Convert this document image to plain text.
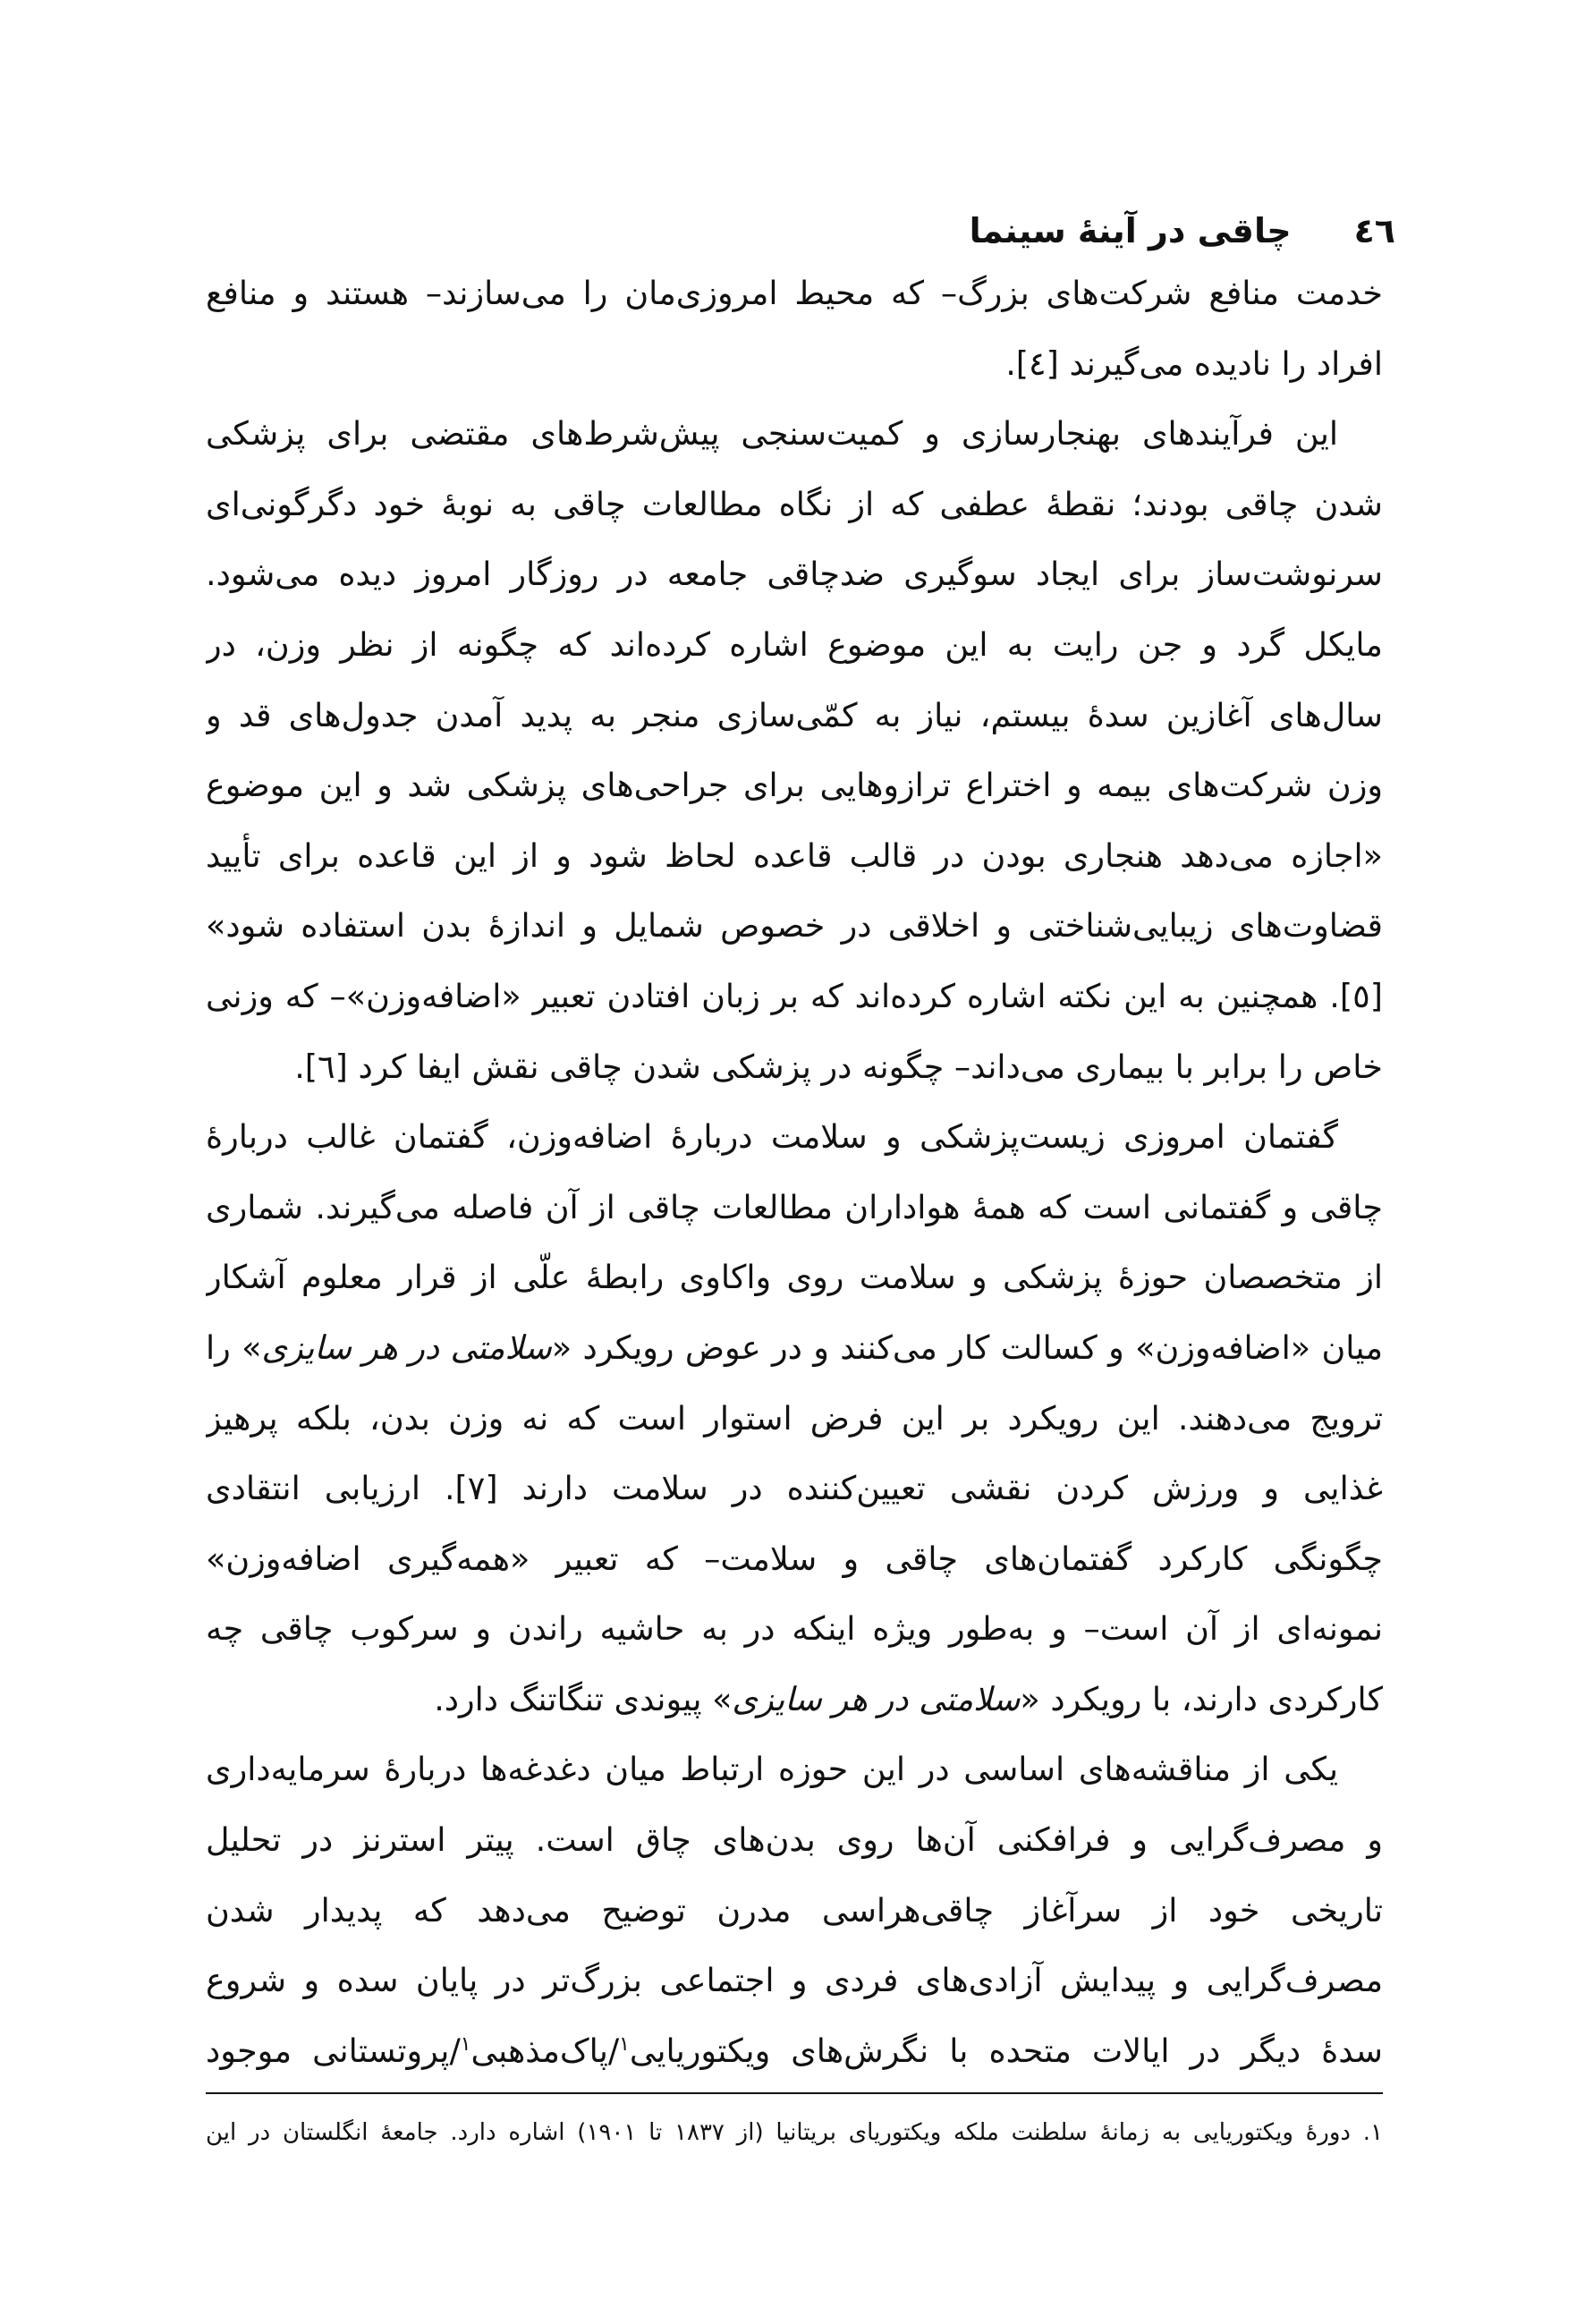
٤٦
چاقی در آینهٔ سینما
خدمت منافع شرکت‌های بزرگ– که محیط امروزی‌مان را می‌سازند– هستند و منافع
افراد را نادیده می‌گیرند [٤].
این فرآیندهای بهنجارسازی و کمیت‌سنجی پیش‌شرط‌های مقتضی برای پزشکی
شدن چاقی بودند؛ نقطهٔ عطفی که از نگاه مطالعات چاقی به نوبهٔ خود دگرگونی‌ای
سرنوشت‌ساز برای ایجاد سوگیری ضدچاقی جامعه در روزگار امروز دیده می‌شود.
مایکل گرد و جن رایت به این موضوع اشاره کرده‌اند که چگونه از نظر وزن، در
سال‌های آغازین سدهٔ بیستم، نیاز به کمّی‌سازی منجر به پدید آمدن جدول‌های قد و
وزن شرکت‌های بیمه و اختراع ترازوهایی برای جراحی‌های پزشکی شد و این موضوع
«اجازه می‌دهد هنجاری بودن در قالب قاعده لحاظ شود و از این قاعده برای تأیید
قضاوت‌های زیبایی‌شناختی و اخلاقی در خصوص شمایل و اندازهٔ بدن استفاده شود»
[٥]. همچنین به این نکته اشاره کرده‌اند که بر زبان افتادن تعبیر «اضافه‌وزن»– که وزنی
خاص را برابر با بیماری می‌داند– چگونه در پزشکی شدن چاقی نقش ایفا کرد [٦].
گفتمان امروزی زیست‌پزشکی و سلامت دربارهٔ اضافه‌وزن، گفتمان غالب دربارهٔ
چاقی و گفتمانی است که همهٔ هواداران مطالعات چاقی از آن فاصله می‌گیرند. شماری
از متخصصان حوزهٔ پزشکی و سلامت روی واکاوی رابطهٔ علّی از قرار معلوم آشکار
میان «اضافه‌وزن» و کسالت کار می‌کنند و در عوض رویکرد «سلامتی در هر سایزی» را
ترویج می‌دهند. این رویکرد بر این فرض استوار است که نه وزن بدن، بلکه پرهیز
غذایی و ورزش کردن نقشی تعیین‌کننده در سلامت دارند [٧]. ارزیابی انتقادی
چگونگی کارکرد گفتمان‌های چاقی و سلامت– که تعبیر «همه‌گیری اضافه‌وزن»
نمونه‌ای از آن است– و به‌طور ویژه اینکه در به حاشیه راندن و سرکوب چاقی چه
کارکردی دارند، با رویکرد «سلامتی در هر سایزی» پیوندی تنگاتنگ دارد.
یکی از مناقشه‌های اساسی در این حوزه ارتباط میان دغدغه‌ها دربارهٔ سرمایه‌داری
و مصرف‌گرایی و فرافکنی آن‌ها روی بدن‌های چاق است. پیتر استرنز در تحلیل
تاریخی خود از سرآغاز چاقی‌هراسی مدرن توضیح می‌دهد که پدیدار شدن
مصرف‌گرایی و پیدایش آزادی‌های فردی و اجتماعی بزرگ‌تر در پایان سده و شروع
سدهٔ دیگر در ایالات متحده با نگرش‌های ویکتوریایی$^١$/پاک‌مذهبی$^١$/پروتستانی موجود
١. دورهٔ ویکتوریایی به زمانهٔ سلطنت ملکه ویکتوریای بریتانیا (از ١٨٣٧ تا ١٩٠١) اشاره دارد. جامعهٔ انگلستان در این
